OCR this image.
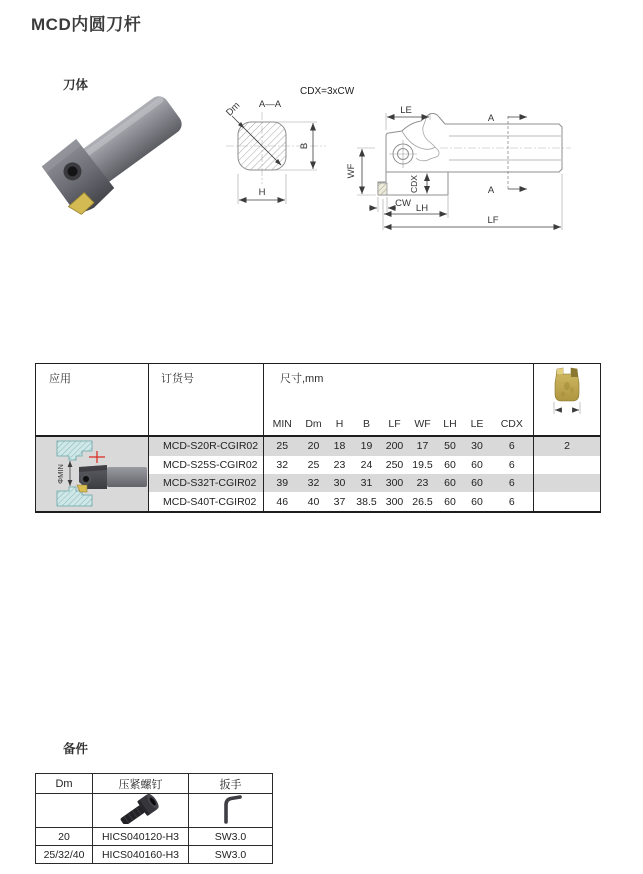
MCD内圆刀杆
刀体	CDX=3xCW
A—A
B
H
Dm	LE
A
A
WF
CDX
CW LH
LF
应用	订货号	尺寸,mm	
		MIN	Dm	H	B	LF	WF	LH	LE	CDX	

ΦMIN	MCD-S20R-CGIR02	25	20	18	19	200	17	50	30	6	2
	MCD-S25S-CGIR02	32	25	23	24	250	19.5	60	60	6	
	MCD-S32T-CGIR02	39	32	30	31	300	23	60	60	6	
	MCD-S40T-CGIR02	46	40	37	38.5	300	26.5	60	60	6	
备件
Dm	压紧螺钉	扳手

20	HICS040120-H3	SW3.0
25/32/40	HICS040160-H3	SW3.0
